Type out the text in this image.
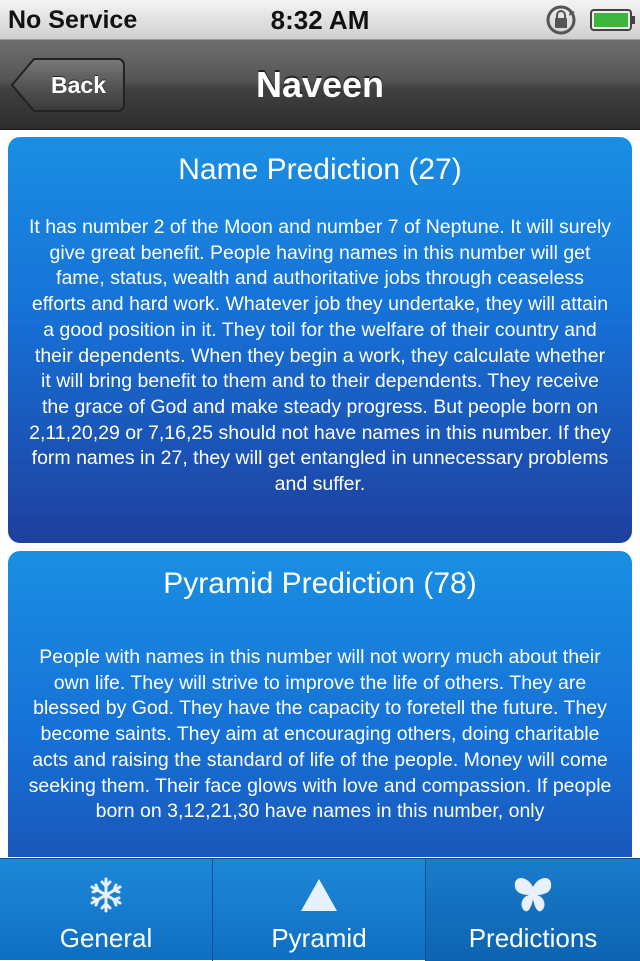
No Service	8:32 AM
Back	Naveen
Name Prediction (27)
It has number 2 of the Moon and number 7 of Neptune. It will surely give great benefit. People having names in this number will get fame, status, wealth and authoritative jobs through ceaseless efforts and hard work. Whatever job they undertake, they will attain a good position in it. They toil for the welfare of their country and their dependents. When they begin a work, they calculate whether it will bring benefit to them and to their dependents. They receive the grace of God and make steady progress. But people born on 2,11,20,29 or 7,16,25 should not have names in this number. If they form names in 27, they will get entangled in unnecessary problems and suffer.
Pyramid Prediction (78)
People with names in this number will not worry much about their own life. They will strive to improve the life of others. They are blessed by God. They have the capacity to foretell the future. They become saints. They aim at encouraging others, doing charitable acts and raising the standard of life of the people. Money will come seeking them. Their face glows with love and compassion. If people born on 3,12,21,30 have names in this number, only
General	Pyramid	Predictions
